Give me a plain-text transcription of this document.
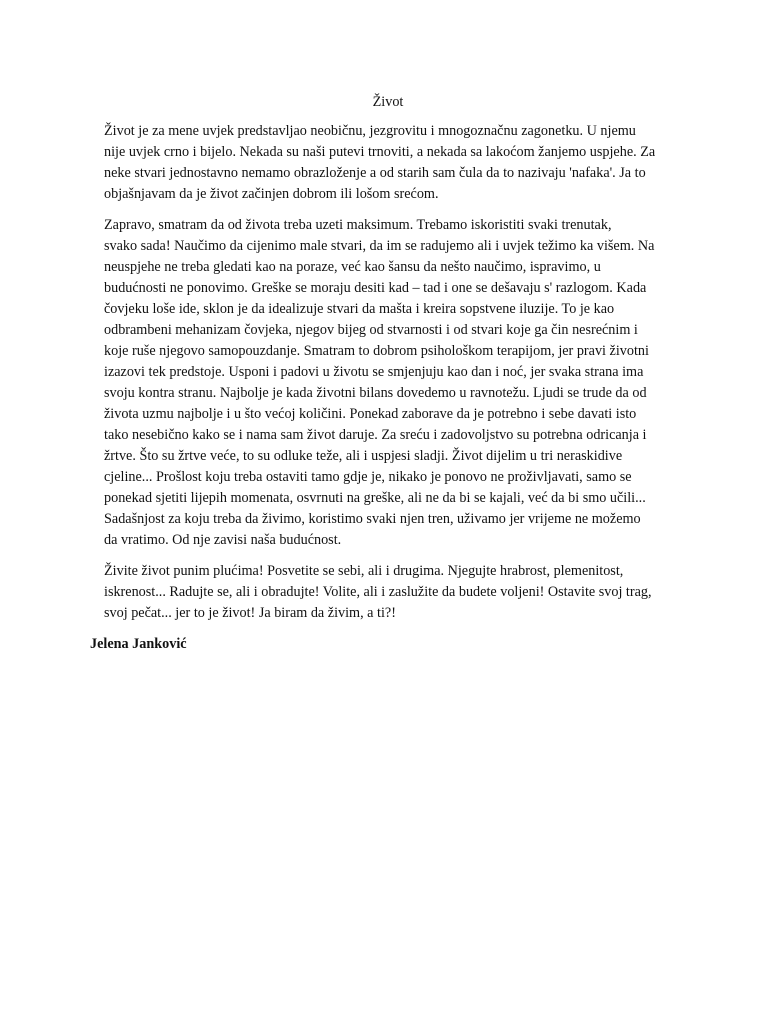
Život
Život je za mene uvjek predstavljao neobičnu, jezgrovitu i mnogoznačnu zagonetku. U njemu
nije uvjek crno i bijelo. Nekada su naši putevi trnoviti, a nekada sa lakoćom žanjemo uspjehe. Za
neke stvari jednostavno nemamo obrazloženje a od starih sam čula da to nazivaju 'nafaka'. Ja to
objašnjavam da je život začinjen dobrom ili lošom srećom.
Zapravo, smatram da od života treba uzeti maksimum. Trebamo iskoristiti svaki trenutak,
svako sada! Naučimo da cijenimo male stvari, da im se radujemo ali i uvjek težimo ka višem. Na
neuspjehe ne treba gledati kao na poraze, već kao šansu da nešto naučimo, ispravimo, u
budućnosti ne ponovimo. Greške se moraju desiti kad – tad i one se dešavaju s' razlogom. Kada
čovjeku loše ide, sklon je da idealizuje stvari da mašta i kreira sopstvene iluzije. To je kao
odbrambeni mehanizam čovjeka, njegov bijeg od stvarnosti i od stvari koje ga čin nesrećnim i
koje ruše njegovo samopouzdanje. Smatram to dobrom psihološkom terapijom, jer pravi životni
izazovi tek predstoje. Usponi i padovi u životu se smjenjuju kao dan i noć, jer svaka strana ima
svoju kontra stranu. Najbolje je kada životni bilans dovedemo u ravnotežu. Ljudi se trude da od
života uzmu najbolje i u što većoj količini. Ponekad zaborave da je potrebno i sebe davati isto
tako nesebično kako se i nama sam život daruje. Za sreću i zadovoljstvo su potrebna odricanja i
žrtve. Što su žrtve veće, to su odluke teže, ali i uspjesi sladji. Život dijelim u tri neraskidive
cjeline... Prošlost koju treba ostaviti tamo gdje je, nikako je ponovo ne proživljavati, samo se
ponekad sjetiti lijepih momenata, osvrnuti na greške, ali ne da bi se kajali, već da bi smo učili...
Sadašnjost za koju treba da živimo, koristimo svaki njen tren, uživamo jer vrijeme ne možemo
da vratimo. Od nje zavisi naša budućnost.
Živite život punim plućima! Posvetite se sebi, ali i drugima. Njegujte hrabrost, plemenitost,
iskrenost... Radujte se, ali i obradujte! Volite, ali i zaslužite da budete voljeni! Ostavite svoj trag,
svoj pečat... jer to je život! Ja biram da živim, a ti?!
Jelena Janković
